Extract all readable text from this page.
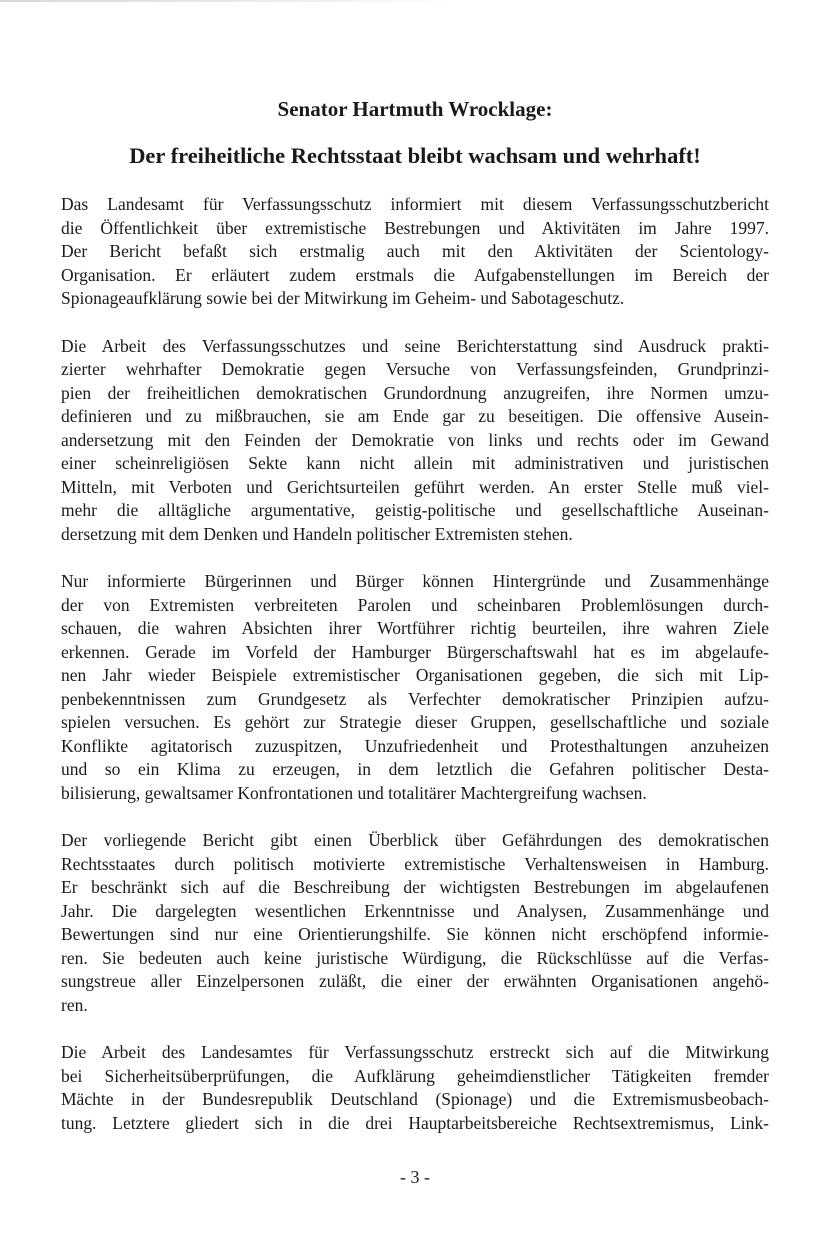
Senator Hartmuth Wrocklage:
Der freiheitliche Rechtsstaat bleibt wachsam und wehrhaft!

Das Landesamt für Verfassungsschutz informiert mit diesem Verfassungsschutzbericht
die Öffentlichkeit über extremistische Bestrebungen und Aktivitäten im Jahre 1997.
Der Bericht befaßt sich erstmalig auch mit den Aktivitäten der Scientology-
Organisation. Er erläutert zudem erstmals die Aufgabenstellungen im Bereich der
Spionageaufklärung sowie bei der Mitwirkung im Geheim- und Sabotageschutz.

Die Arbeit des Verfassungsschutzes und seine Berichterstattung sind Ausdruck prakti-
zierter wehrhafter Demokratie gegen Versuche von Verfassungsfeinden, Grundprinzi-
pien der freiheitlichen demokratischen Grundordnung anzugreifen, ihre Normen umzu-
definieren und zu mißbrauchen, sie am Ende gar zu beseitigen. Die offensive Ausein-
andersetzung mit den Feinden der Demokratie von links und rechts oder im Gewand
einer scheinreligiösen Sekte kann nicht allein mit administrativen und juristischen
Mitteln, mit Verboten und Gerichtsurteilen geführt werden. An erster Stelle muß viel-
mehr die alltägliche argumentative, geistig-politische und gesellschaftliche Auseinan-
dersetzung mit dem Denken und Handeln politischer Extremisten stehen.

Nur informierte Bürgerinnen und Bürger können Hintergründe und Zusammenhänge
der von Extremisten verbreiteten Parolen und scheinbaren Problemlösungen durch-
schauen, die wahren Absichten ihrer Wortführer richtig beurteilen, ihre wahren Ziele
erkennen. Gerade im Vorfeld der Hamburger Bürgerschaftswahl hat es im abgelaufe-
nen Jahr wieder Beispiele extremistischer Organisationen gegeben, die sich mit Lip-
penbekenntnissen zum Grundgesetz als Verfechter demokratischer Prinzipien aufzu-
spielen versuchen. Es gehört zur Strategie dieser Gruppen, gesellschaftliche und soziale
Konflikte agitatorisch zuzuspitzen, Unzufriedenheit und Protesthaltungen anzuheizen
und so ein Klima zu erzeugen, in dem letztlich die Gefahren politischer Desta-
bilisierung, gewaltsamer Konfrontationen und totalitärer Machtergreifung wachsen.

Der vorliegende Bericht gibt einen Überblick über Gefährdungen des demokratischen
Rechtsstaates durch politisch motivierte extremistische Verhaltensweisen in Hamburg.
Er beschränkt sich auf die Beschreibung der wichtigsten Bestrebungen im abgelaufenen
Jahr. Die dargelegten wesentlichen Erkenntnisse und Analysen, Zusammenhänge und
Bewertungen sind nur eine Orientierungshilfe. Sie können nicht erschöpfend informie-
ren. Sie bedeuten auch keine juristische Würdigung, die Rückschlüsse auf die Verfas-
sungstreue aller Einzelpersonen zuläßt, die einer der erwähnten Organisationen angehö-
ren.

Die Arbeit des Landesamtes für Verfassungsschutz erstreckt sich auf die Mitwirkung
bei Sicherheitsüberprüfungen, die Aufklärung geheimdienstlicher Tätigkeiten fremder
Mächte in der Bundesrepublik Deutschland (Spionage) und die Extremismusbeobach-
tung. Letztere gliedert sich in die drei Hauptarbeitsbereiche Rechtsextremismus, Link-

- 3 -
